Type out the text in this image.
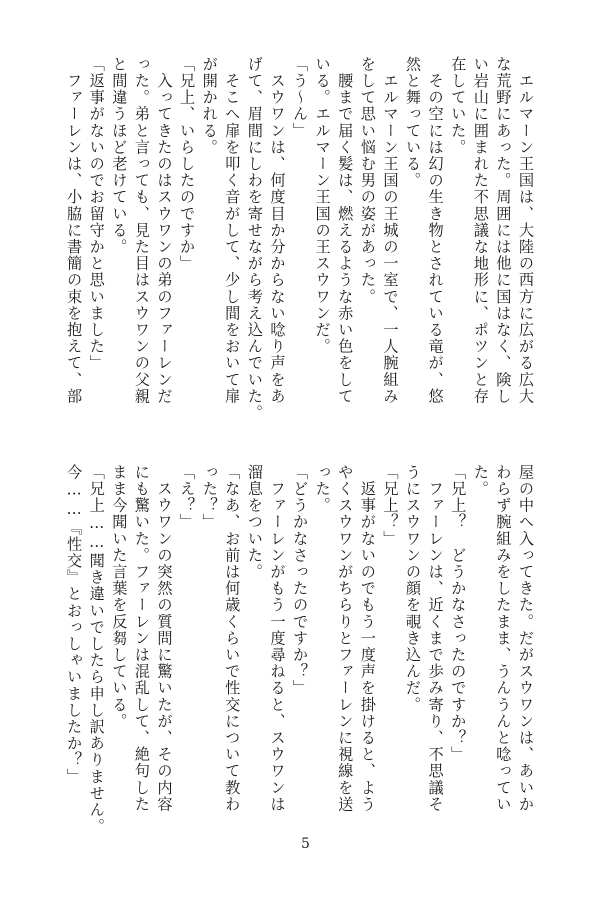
　エルマーン王国は、大陸の西方に広がる広大
な荒野にあった。周囲には他に国はなく、険し
い岩山に囲まれた不思議な地形に、ポツンと存
在していた。
　その空には幻の生き物とされている竜が、悠
然と舞っている。
　エルマーン王国の王城の一室で、一人腕組み
をして思い悩む男の姿があった。
　腰まで届く髪は、燃えるような赤い色をして
いる。エルマーン王国の王スウワンだ。
「う〜ん」
　スウワンは、何度目か分からない唸り声をあ
げて、眉間にしわを寄せながら考え込んでいた。
　そこへ扉を叩く音がして、少し間をおいて扉
が開かれる。
「兄上、いらしたのですか」
　入ってきたのはスウワンの弟のファーレンだ
った。弟と言っても、見た目はスウワンの父親
と間違うほど老けている。
「返事がないのでお留守かと思いました」
　ファーレンは、小脇に書簡の束を抱えて、部
屋の中へ入ってきた。だがスウワンは、あいか
わらず腕組みをしたまま、うんうんと唸ってい
た。
「兄上？　どうかなさったのですか？」
　ファーレンは、近くまで歩み寄り、不思議そ
うにスウワンの顔を覗き込んだ。
「兄上？」
　返事がないのでもう一度声を掛けると、よう
やくスウワンがちらりとファーレンに視線を送
った。
「どうかなさったのですか？」
　ファーレンがもう一度尋ねると、スウワンは
溜息をついた。
「なあ、お前は何歳くらいで性交について教わ
った？」
「え？」
　スウワンの突然の質問に驚いたが、その内容
にも驚いた。ファーレンは混乱して、絶句した
まま今聞いた言葉を反芻している。
「兄上……聞き違いでしたら申し訳ありません。
今……『性交』とおっしゃいましたか？」
5
